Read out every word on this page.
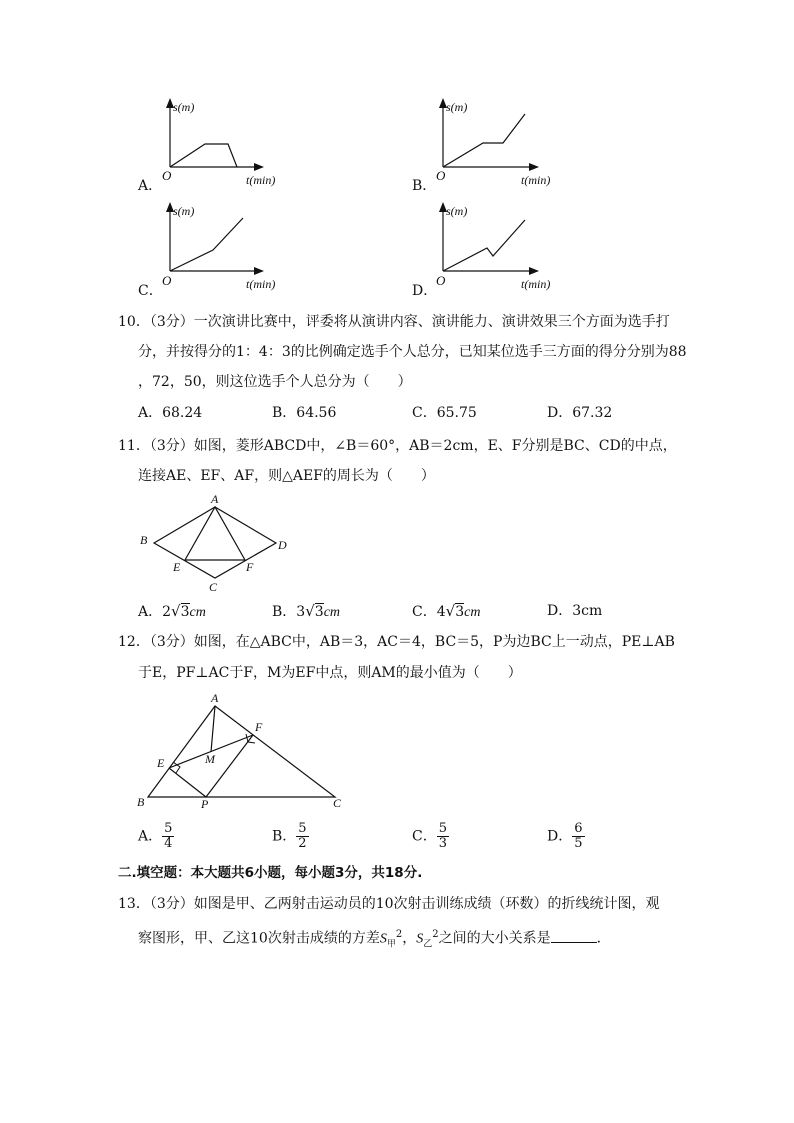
s(m)
O	t(min)
A．
s(m)
O	t(min)
B．
s(m)
O	t(min)
C．
s(m)
O	t(min)
D．
10．（3分）一次演讲比赛中，评委将从演讲内容、演讲能力、演讲效果三个方面为选手打
分，并按得分的1：4：3的比例确定选手个人总分，已知某位选手三方面的得分分别为88
，72，50，则这位选手个人总分为（　　）
A．68.24	B．64.56	C．65.75	D．67.32
11．（3分）如图，菱形ABCD中，∠B＝60°，AB＝2cm，E、F分别是BC、CD的中点，
连接AE、EF、AF，则△AEF的周长为（　　）
A
B	D
E	F
C
A．2√3cm	B．3√3cm	C．4√3cm	D．3cm
12．（3分）如图，在△ABC中，AB＝3，AC＝4，BC＝5，P为边BC上一动点，PE⊥AB
于E，PF⊥AC于F，M为EF中点，则AM的最小值为（　　）
A
F
E	M
B	P	C
A． $\frac{5}{4}$	B． $\frac{5}{2}$	C． $\frac{5}{3}$	D． $\frac{6}{5}$
二.填空题：本大题共6小题，每小题3分，共18分.
13．（3分）如图是甲、乙两射击运动员的10次射击训练成绩（环数）的折线统计图，观
察图形，甲、乙这10次射击成绩的方差$S_甲^2$，$S_乙^2$之间的大小关系是	．
